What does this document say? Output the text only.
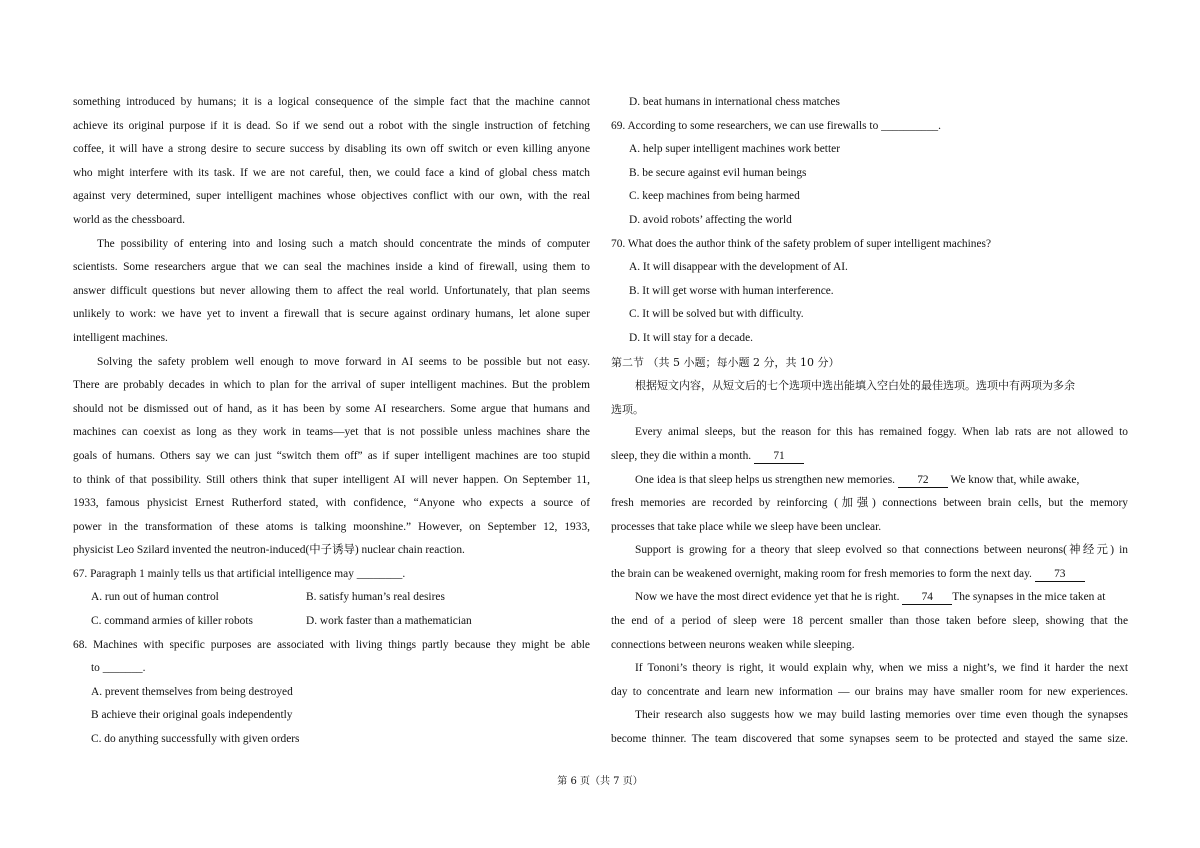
something introduced by humans; it is a logical consequence of the simple fact that the machine cannot
achieve its original purpose if it is dead. So if we send out a robot with the single instruction of fetching
coffee, it will have a strong desire to secure success by disabling its own off switch or even killing anyone
who might interfere with its task. If we are not careful, then, we could face a kind of global chess match
against very determined, super intelligent machines whose objectives conflict with our own, with the real
world as the chessboard.
The possibility of entering into and losing such a match should concentrate the minds of computer
scientists. Some researchers argue that we can seal the machines inside a kind of firewall, using them to
answer difficult questions but never allowing them to affect the real world. Unfortunately, that plan seems
unlikely to work: we have yet to invent a firewall that is secure against ordinary humans, let alone super
intelligent machines.
Solving the safety problem well enough to move forward in AI seems to be possible but not easy.
There are probably decades in which to plan for the arrival of super intelligent machines. But the problem
should not be dismissed out of hand, as it has been by some AI researchers. Some argue that humans and
machines can coexist as long as they work in teams—yet that is not possible unless machines share the
goals of humans. Others say we can just “switch them off” as if super intelligent machines are too stupid
to think of that possibility. Still others think that super intelligent AI will never happen. On September 11,
1933, famous physicist Ernest Rutherford stated, with confidence, “Anyone who expects a source of
power in the transformation of these atoms is talking moonshine.” However, on September 12, 1933,
physicist Leo Szilard invented the neutron-induced(中子诱导) nuclear chain reaction.
67. Paragraph 1 mainly tells us that artificial intelligence may ________.
A. run out of human control	B. satisfy human’s real desires
C. command armies of killer robots	D. work faster than a mathematician
68. Machines with specific purposes are associated with living things partly because they might be able
to _______.
A. prevent themselves from being destroyed
B achieve their original goals independently
C. do anything successfully with given orders
D. beat humans in international chess matches
69. According to some researchers, we can use firewalls to __________.
A. help super intelligent machines work better
B. be secure against evil human beings
C. keep machines from being harmed
D. avoid robots’ affecting the world
70. What does the author think of the safety problem of super intelligent machines?
A. It will disappear with the development of AI.
B. It will get worse with human interference.
C. It will be solved but with difficulty.
D. It will stay for a decade.
第二节 （共 5 小题；每小题 2 分，共 10 分）
根据短文内容，从短文后的七个选项中选出能填入空白处的最佳选项。选项中有两项为多余
选项。
Every animal sleeps, but the reason for this has remained foggy. When lab rats are not allowed to
sleep, they die within a month. 71
One idea is that sleep helps us strengthen new memories. 72 We know that, while awake,
fresh memories are recorded by reinforcing (加强) connections between brain cells, but the memory
processes that take place while we sleep have been unclear.
Support is growing for a theory that sleep evolved so that connections between neurons(神经元) in
the brain can be weakened overnight, making room for fresh memories to form the next day. 73
Now we have the most direct evidence yet that he is right. 74 The synapses in the mice taken at
the end of a period of sleep were 18 percent smaller than those taken before sleep, showing that the
connections between neurons weaken while sleeping.
If Tononi’s theory is right, it would explain why, when we miss a night’s, we find it harder the next
day to concentrate and learn new information — our brains may have smaller room for new experiences.
Their research also suggests how we may build lasting memories over time even though the synapses
become thinner. The team discovered that some synapses seem to be protected and stayed the same size.
第 6 页（共 7 页）
